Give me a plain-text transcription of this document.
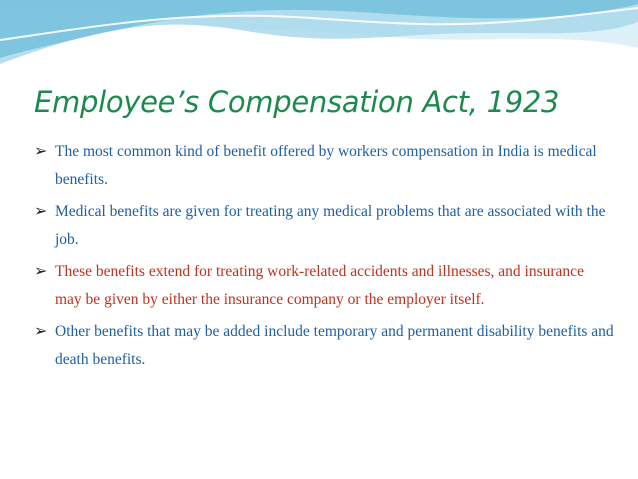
Employee’s Compensation Act, 1923
➢ The most common kind of benefit offered by workers compensation in India is medical benefits.
➢ Medical benefits are given for treating any medical problems that are associated with the job.
➢ These benefits extend for treating work-related accidents and illnesses, and insurance may be given by either the insurance company or the employer itself.
➢ Other benefits that may be added include temporary and permanent disability benefits and death benefits.
